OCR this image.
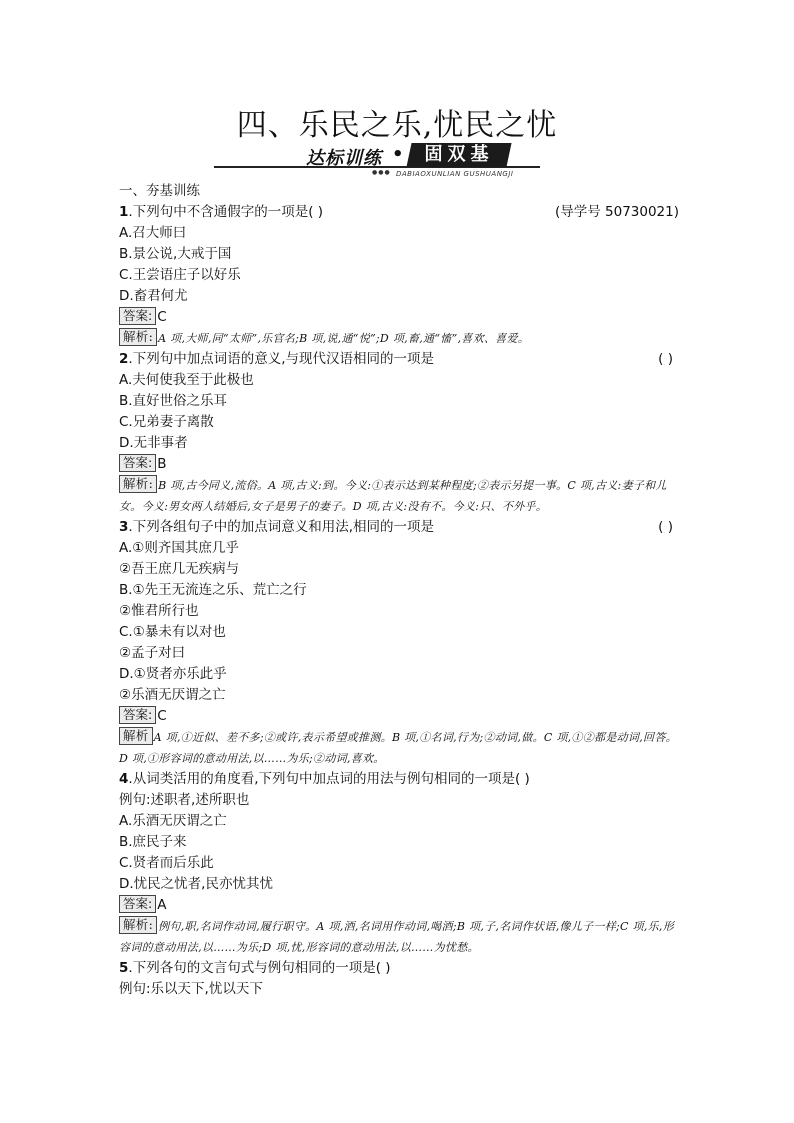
四、乐民之乐,忧民之忧
达标训练 •	固双基
●●● DABIAOXUNLIAN GUSHUANGJI
一、夯基训练
1.下列句中不含通假字的一项是( )	(导学号 50730021)
A.召大师曰
B.景公说,大戒于国
C.王尝语庄子以好乐
D.畜君何尤
答案: C
解析: A 项,大师,同“太师”,乐官名;B 项,说,通“悦”;D 项,畜,通“慉”,喜欢、喜爱。
2.下列句中加点词语的意义,与现代汉语相同的一项是	( )
A.夫何使我至于此极也
B.直好世俗之乐耳
C.兄弟妻子离散
D.无非事者
答案: B
解析: B 项,古今同义,流俗。A 项,古义:到。今义:①表示达到某种程度;②表示另提一事。C 项,古义:妻子和儿女。今义:男女两人结婚后,女子是男子的妻子。D 项,古义:没有不。今义:只、不外乎。
3.下列各组句子中的加点词意义和用法,相同的一项是	( )
A.①则齐国其庶几乎
②吾王庶几无疾病与
B.①先王无流连之乐、荒亡之行
②惟君所行也
C.①暴未有以对也
②孟子对曰
D.①贤者亦乐此乎
②乐酒无厌谓之亡
答案: C
解析 A 项,①近似、差不多;②或许,表示希望或推测。B 项,①名词,行为;②动词,做。C 项,①②都是动词,回答。D 项,①形容词的意动用法,以……为乐;②动词,喜欢。
4.从词类活用的角度看,下列句中加点词的用法与例句相同的一项是( )
例句:述职者,述所职也
A.乐酒无厌谓之亡
B.庶民子来
C.贤者而后乐此
D.忧民之忧者,民亦忧其忧
答案: A
解析: 例句,职,名词作动词,履行职守。A 项,酒,名词用作动词,喝酒;B 项,子,名词作状语,像儿子一样;C 项,乐,形容词的意动用法,以……为乐;D 项,忧,形容词的意动用法,以……为忧愁。
5.下列各句的文言句式与例句相同的一项是( )
例句:乐以天下,忧以天下
